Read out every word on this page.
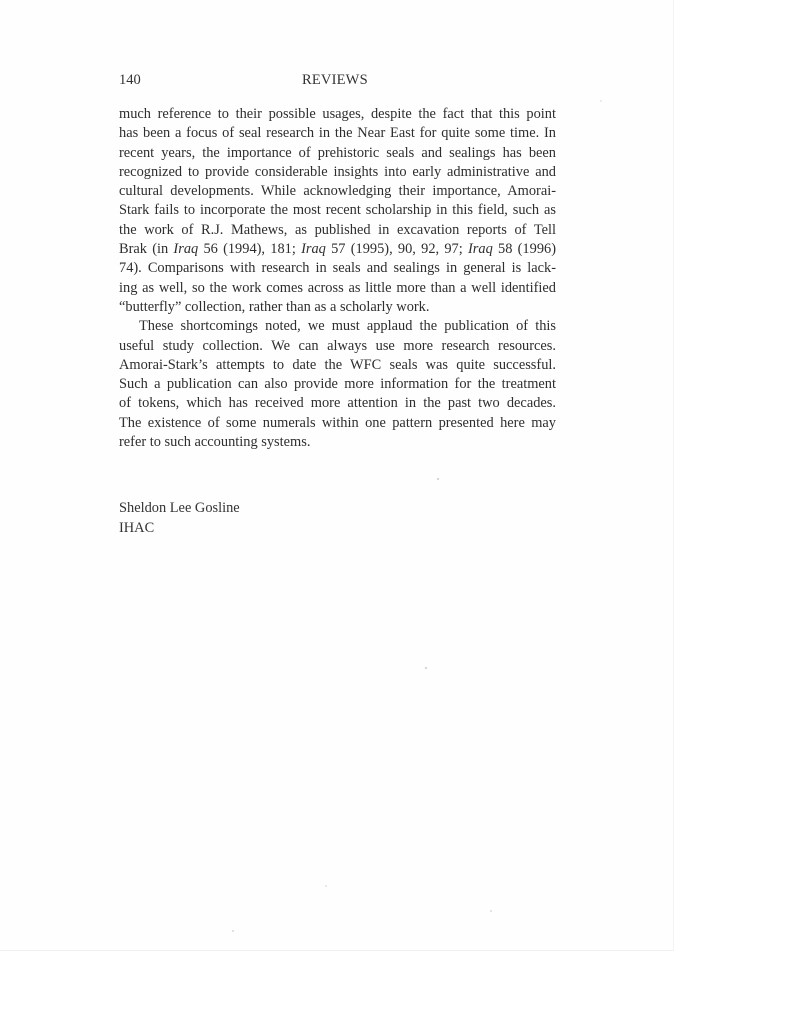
140	REVIEWS
much reference to their possible usages, despite the fact that this point
has been a focus of seal research in the Near East for quite some time. In
recent years, the importance of prehistoric seals and sealings has been
recognized to provide considerable insights into early administrative and
cultural developments. While acknowledging their importance, Amorai-
Stark fails to incorporate the most recent scholarship in this field, such as
the work of R.J. Mathews, as published in excavation reports of Tell
Brak (in Iraq 56 (1994), 181; Iraq 57 (1995), 90, 92, 97; Iraq 58 (1996)
74). Comparisons with research in seals and sealings in general is lack-
ing as well, so the work comes across as little more than a well identified
“butterfly” collection, rather than as a scholarly work.
These shortcomings noted, we must applaud the publication of this
useful study collection. We can always use more research resources.
Amorai-Stark’s attempts to date the WFC seals was quite successful.
Such a publication can also provide more information for the treatment
of tokens, which has received more attention in the past two decades.
The existence of some numerals within one pattern presented here may
refer to such accounting systems.
Sheldon Lee Gosline
IHAC
